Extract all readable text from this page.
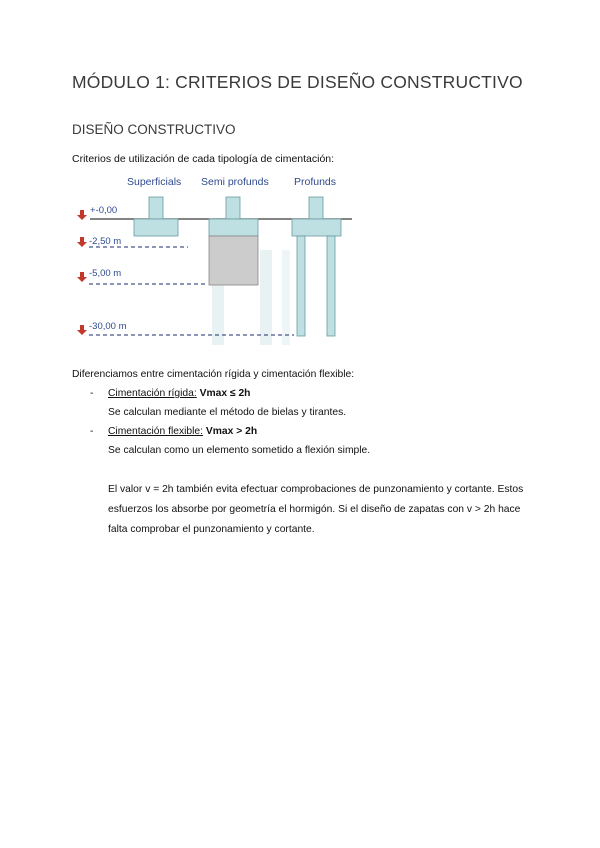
MÓDULO 1: CRITERIOS DE DISEÑO CONSTRUCTIVO
DISEÑO CONSTRUCTIVO
Criterios de utilización de cada tipología de cimentación:
Superficials Semi profunds Profunds
+-0,00
-2,50 m
-5,00 m
-30,00 m
Diferenciamos entre cimentación rígida y cimentación flexible:
- Cimentación rígida: Vmax ≤ 2h
Se calculan mediante el método de bielas y tirantes.
- Cimentación flexible: Vmax > 2h
Se calculan como un elemento sometido a flexión simple.
El valor v = 2h también evita efectuar comprobaciones de punzonamiento y cortante. Estos esfuerzos los absorbe por geometría el hormigón. Si el diseño de zapatas con v > 2h hace falta comprobar el punzonamiento y cortante.
